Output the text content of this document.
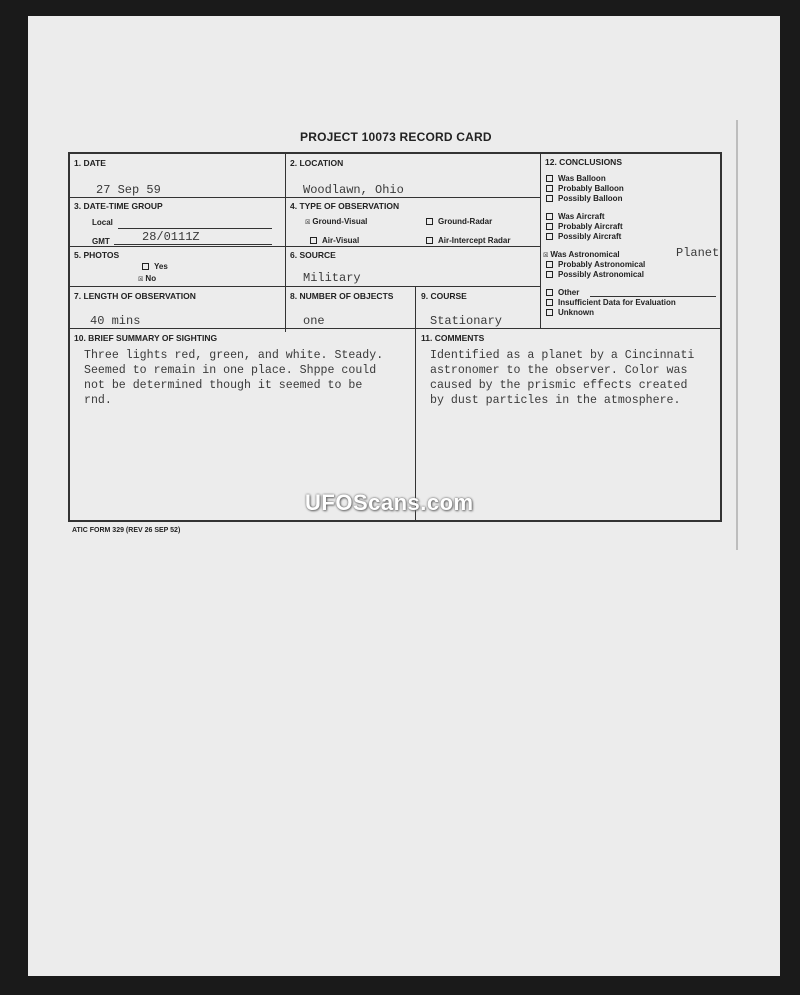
PROJECT 10073 RECORD CARD
1. DATE
27 Sep 59
2. LOCATION
Woodlawn, Ohio
3. DATE-TIME GROUP
Local
GMT	28/0111Z
4. TYPE OF OBSERVATION
☒ Ground-Visual	Ground-Radar
Air-Visual	Air-Intercept Radar
5. PHOTOS
Yes
☒ No
6. SOURCE
Military
7. LENGTH OF OBSERVATION
40 mins
8. NUMBER OF OBJECTS
one
9. COURSE
Stationary
10. BRIEF SUMMARY OF SIGHTING
Three lights red, green, and white. Steady.
Seemed to remain in one place. Shppe could
not be determined though it seemed to be
rnd.
11. COMMENTS
Identified as a planet by a Cincinnati
astronomer to the observer. Color was
caused by the prismic effects created
by dust particles in the atmosphere.
12. CONCLUSIONS
Was Balloon
Probably Balloon
Possibly Balloon
Was Aircraft
Probably Aircraft
Possibly Aircraft
☒ Was Astronomical	Planet
Probably Astronomical
Possibly Astronomical
Other
Insufficient Data for Evaluation
Unknown
ATIC FORM 329 (REV 26 SEP 52)
UFOScans.com
